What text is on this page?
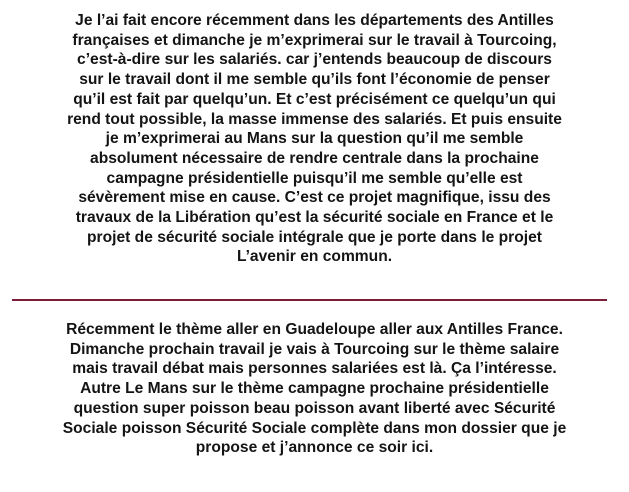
Je l’ai fait encore récemment dans les départements des Antilles
françaises et dimanche je m’exprimerai sur le travail à Tourcoing,
c’est-à-dire sur les salariés. car j’entends beaucoup de discours
sur le travail dont il me semble qu’ils font l’économie de penser
qu’il est fait par quelqu’un. Et c’est précisément ce quelqu’un qui
rend tout possible, la masse immense des salariés. Et puis ensuite
je m’exprimerai au Mans sur la question qu’il me semble
absolument nécessaire de rendre centrale dans la prochaine
campagne présidentielle puisqu’il me semble qu’elle est
sévèrement mise en cause. C’est ce projet magnifique, issu des
travaux de la Libération qu’est la sécurité sociale en France et le
projet de sécurité sociale intégrale que je porte dans le projet
L’avenir en commun.
Récemment le thème aller en Guadeloupe aller aux Antilles France.
Dimanche prochain travail je vais à Tourcoing sur le thème salaire
mais travail débat mais personnes salariées est là. Ça l’intéresse.
Autre Le Mans sur le thème campagne prochaine présidentielle
question super poisson beau poisson avant liberté avec Sécurité
Sociale poisson Sécurité Sociale complète dans mon dossier que je
propose et j’annonce ce soir ici.
